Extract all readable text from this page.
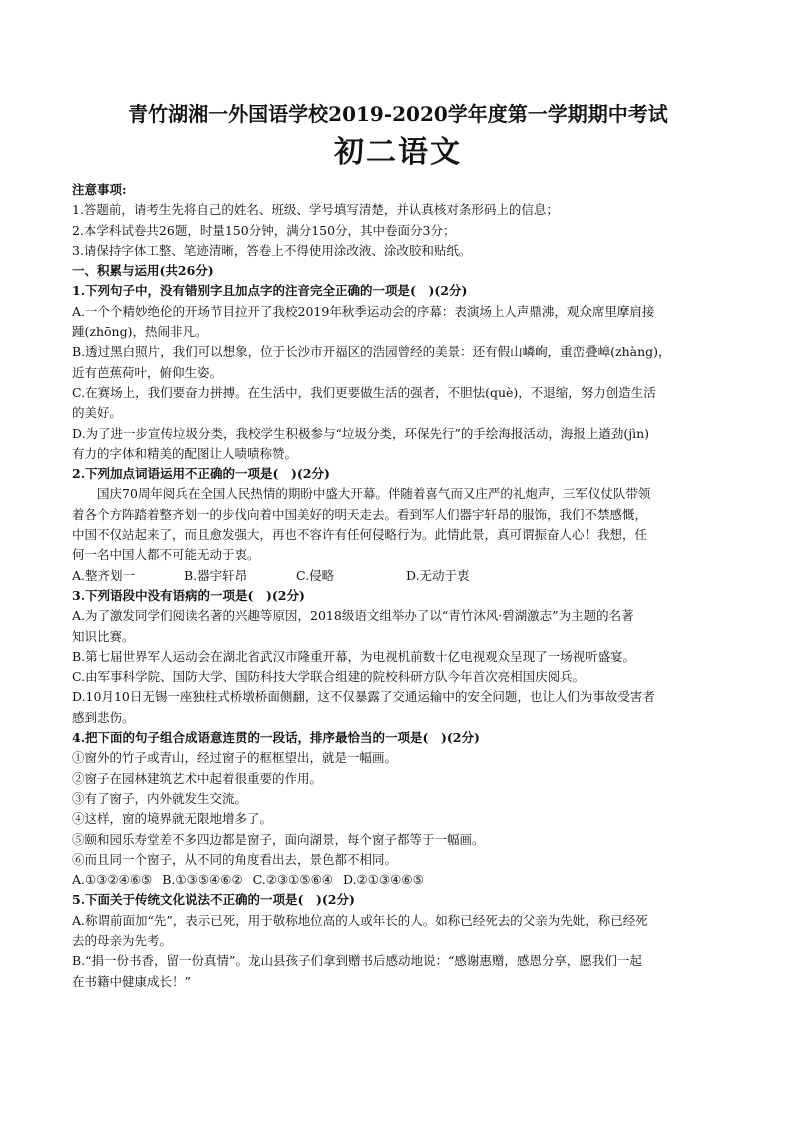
青竹湖湘一外国语学校2019-2020学年度第一学期期中考试

初二语文

注意事项:

1.答题前，请考生先将自己的姓名、班级、学号填写清楚，并认真核对条形码上的信息；

2.本学科试卷共26题，时量150分钟，满分150分，其中卷面分3分；

3.请保持字体工整、笔迹清晰，答卷上不得使用涂改液、涂改胶和贴纸。

一、积累与运用(共26分)

1.下列句子中，没有错别字且加点字的注音完全正确的一项是(　)(2分)

A.一个个精妙绝伦的开场节目拉开了我校2019年秋季运动会的序幕：表演场上人声鼎沸，观众席里摩肩接

踵(zhōng)，热闹非凡。

B.透过黑白照片，我们可以想象，位于长沙市开福区的浩园曾经的美景：还有假山嶙峋，重峦叠嶂(zhàng)，

近有芭蕉荷叶，俯仰生姿。

C.在赛场上，我们要奋力拼搏。在生活中，我们更要做生活的强者，不胆怯(què)，不退缩，努力创造生活

的美好。

D.为了进一步宣传垃圾分类，我校学生积极参与“垃圾分类，环保先行”的手绘海报活动，海报上遒劲(jìn)

有力的字体和精美的配图让人啧啧称赞。

2.下列加点词语运用不正确的一项是(　)(2分)

国庆70周年阅兵在全国人民热情的期盼中盛大开幕。伴随着喜气而又庄严的礼炮声，三军仪仗队带领

着各个方阵踏着整齐划一的步伐向着中国美好的明天走去。看到军人们器宇轩昂的服饰，我们不禁感慨，

中国不仅站起来了，而且愈发强大，再也不容许有任何侵略行为。此情此景，真可谓振奋人心！我想，任

何一名中国人都不可能无动于衷。

A.整齐划一	B.器宇轩昂	C.侵略	D.无动于衷

3.下列语段中没有语病的一项是(　)(2分)

A.为了激发同学们阅读名著的兴趣等原因，2018级语文组举办了以“青竹沐风·碧湖激志”为主题的名著

知识比赛。

B.第七届世界军人运动会在湖北省武汉市隆重开幕，为电视机前数十亿电视观众呈现了一场视听盛宴。

C.由军事科学院、国防大学、国防科技大学联合组建的院校科研方队今年首次亮相国庆阅兵。

D.10月10日无锡一座独柱式桥墩桥面侧翻，这不仅暴露了交通运输中的安全问题，也让人们为事故受害者

感到悲伤。

4.把下面的句子组合成语意连贯的一段话，排序最恰当的一项是(　)(2分)

①窗外的竹子或青山，经过窗子的框框望出，就是一幅画。

②窗子在园林建筑艺术中起着很重要的作用。

③有了窗子，内外就发生交流。

④这样，窗的境界就无限地增多了。

⑤颐和园乐寿堂差不多四边都是窗子，面向湖景，每个窗子都等于一幅画。

⑥而且同一个窗子，从不同的角度看出去，景色都不相同。

A.①③②④⑥⑤ B.①③⑤④⑥② C.②③①⑤⑥④ D.②①③④⑥⑤

5.下面关于传统文化说法不正确的一项是(　)(2分)

A.称谓前面加“先”，表示已死，用于敬称地位高的人或年长的人。如称已经死去的父亲为先妣，称已经死

去的母亲为先考。

B.“捐一份书香，留一份真情”。龙山县孩子们拿到赠书后感动地说：“感谢惠赠，感恩分享，愿我们一起

在书籍中健康成长！”
